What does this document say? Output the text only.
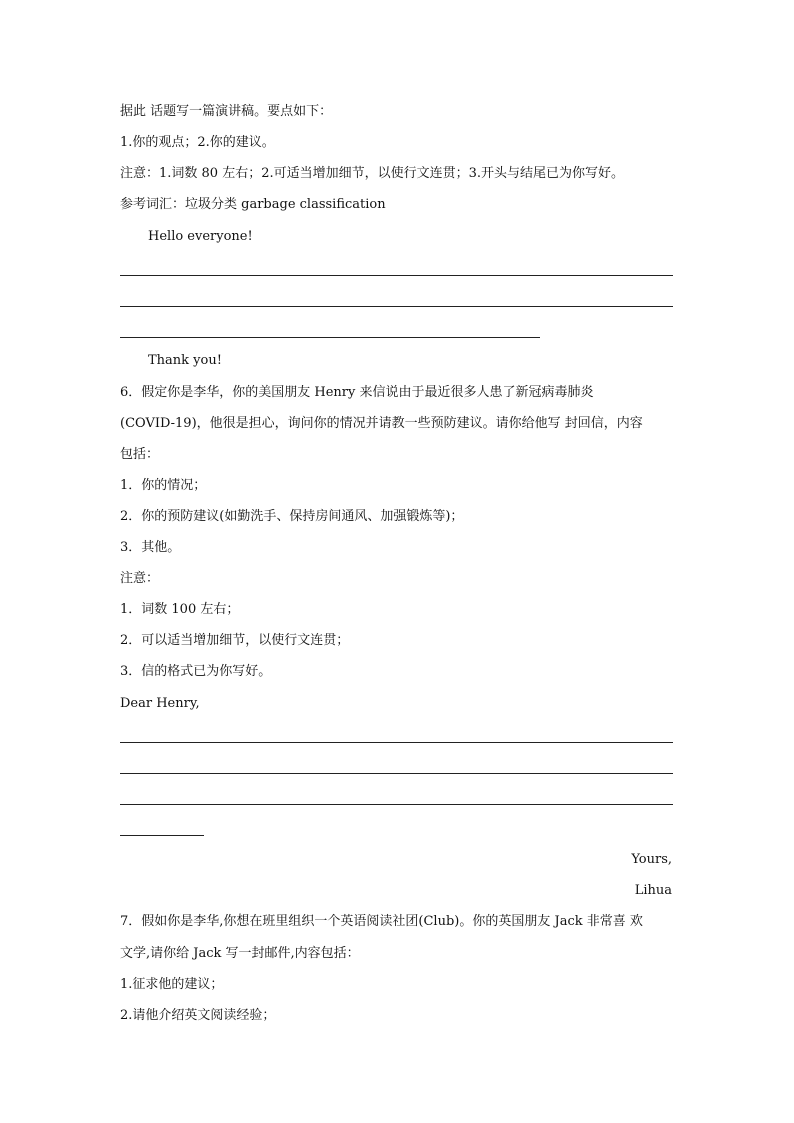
据此 话题写一篇演讲稿。要点如下：
1.你的观点；2.你的建议。
注意：1.词数 80 左右；2.可适当增加细节，以使行文连贯；3.开头与结尾已为你写好。
参考词汇：垃圾分类 garbage classification
Hello everyone!
Thank you!
6．假定你是李华，你的美国朋友 Henry 来信说由于最近很多人患了新冠病毒肺炎
(COVID-19)，他很是担心，询问你的情况并请教一些预防建议。请你给他写 封回信，内容
包括：
1．你的情况；
2．你的预防建议(如勤洗手、保持房间通风、加强锻炼等)；
3．其他。
注意：
1．词数 100 左右；
2．可以适当增加细节，以使行文连贯；
3．信的格式已为你写好。
Dear Henry,
Yours,
Lihua
7．假如你是李华,你想在班里组织一个英语阅读社团(Club)。你的英国朋友 Jack 非常喜 欢
文学,请你给 Jack 写一封邮件,内容包括：
1.征求他的建议；
2.请他介绍英文阅读经验；
